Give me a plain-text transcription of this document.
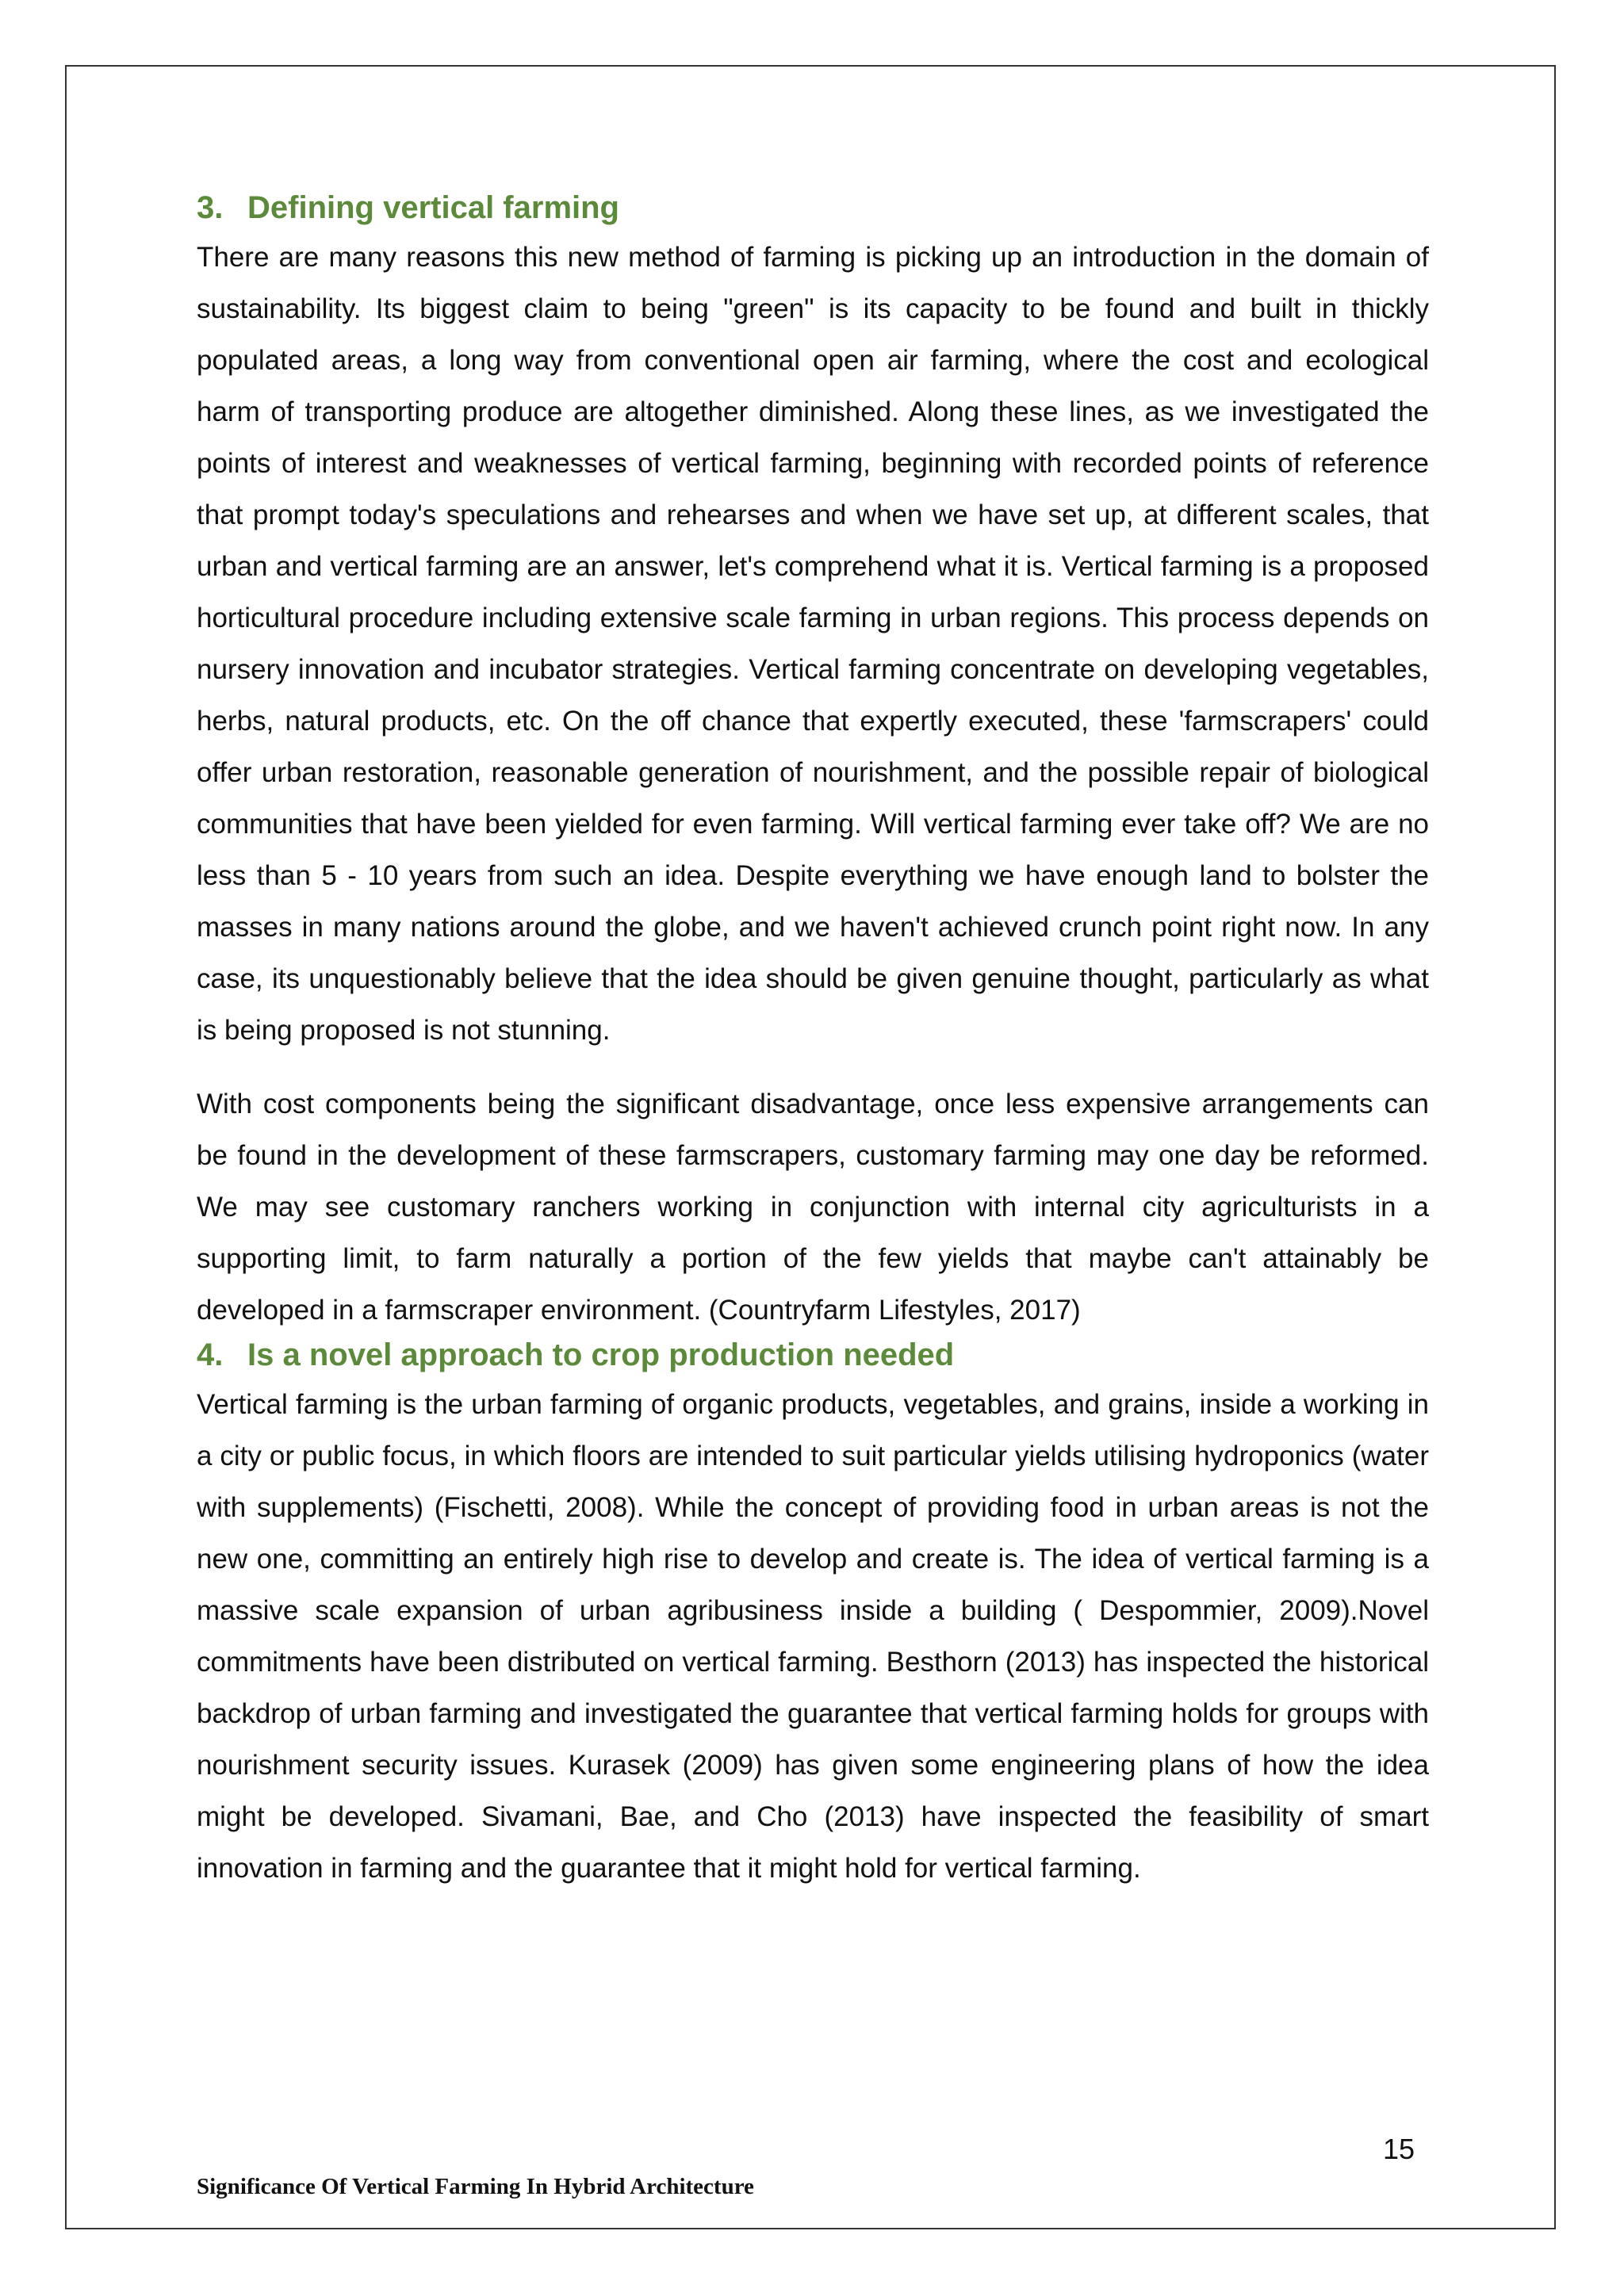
3. Defining vertical farming

There are many reasons this new method of farming is picking up an introduction in the domain of sustainability. Its biggest claim to being "green" is its capacity to be found and built in thickly populated areas, a long way from conventional open air farming, where the cost and ecological harm of transporting produce are altogether diminished. Along these lines, as we investigated the points of interest and weaknesses of vertical farming, beginning with recorded points of reference that prompt today's speculations and rehearses and when we have set up, at different scales, that urban and vertical farming are an answer, let's comprehend what it is. Vertical farming is a proposed horticultural procedure including extensive scale farming in urban regions. This process depends on nursery innovation and incubator strategies. Vertical farming concentrate on developing vegetables, herbs, natural products, etc. On the off chance that expertly executed, these 'farmscrapers' could offer urban restoration, reasonable generation of nourishment, and the possible repair of biological communities that have been yielded for even farming. Will vertical farming ever take off? We are no less than 5 - 10 years from such an idea. Despite everything we have enough land to bolster the masses in many nations around the globe, and we haven't achieved crunch point right now. In any case, its unquestionably believe that the idea should be given genuine thought, particularly as what is being proposed is not stunning.

With cost components being the significant disadvantage, once less expensive arrangements can be found in the development of these farmscrapers, customary farming may one day be reformed. We may see customary ranchers working in conjunction with internal city agriculturists in a supporting limit, to farm naturally a portion of the few yields that maybe can't attainably be developed in a farmscraper environment. (Countryfarm Lifestyles, 2017)

4. Is a novel approach to crop production needed

Vertical farming is the urban farming of organic products, vegetables, and grains, inside a working in a city or public focus, in which floors are intended to suit particular yields utilising hydroponics (water with supplements) (Fischetti, 2008). While the concept of providing food in urban areas is not the new one, committing an entirely high rise to develop and create is. The idea of vertical farming is a massive scale expansion of urban agribusiness inside a building ( Despommier, 2009).Novel commitments have been distributed on vertical farming. Besthorn (2013) has inspected the historical backdrop of urban farming and investigated the guarantee that vertical farming holds for groups with nourishment security issues. Kurasek (2009) has given some engineering plans of how the idea might be developed. Sivamani, Bae, and Cho (2013) have inspected the feasibility of smart innovation in farming and the guarantee that it might hold for vertical farming.

15
Significance Of Vertical Farming In Hybrid Architecture
